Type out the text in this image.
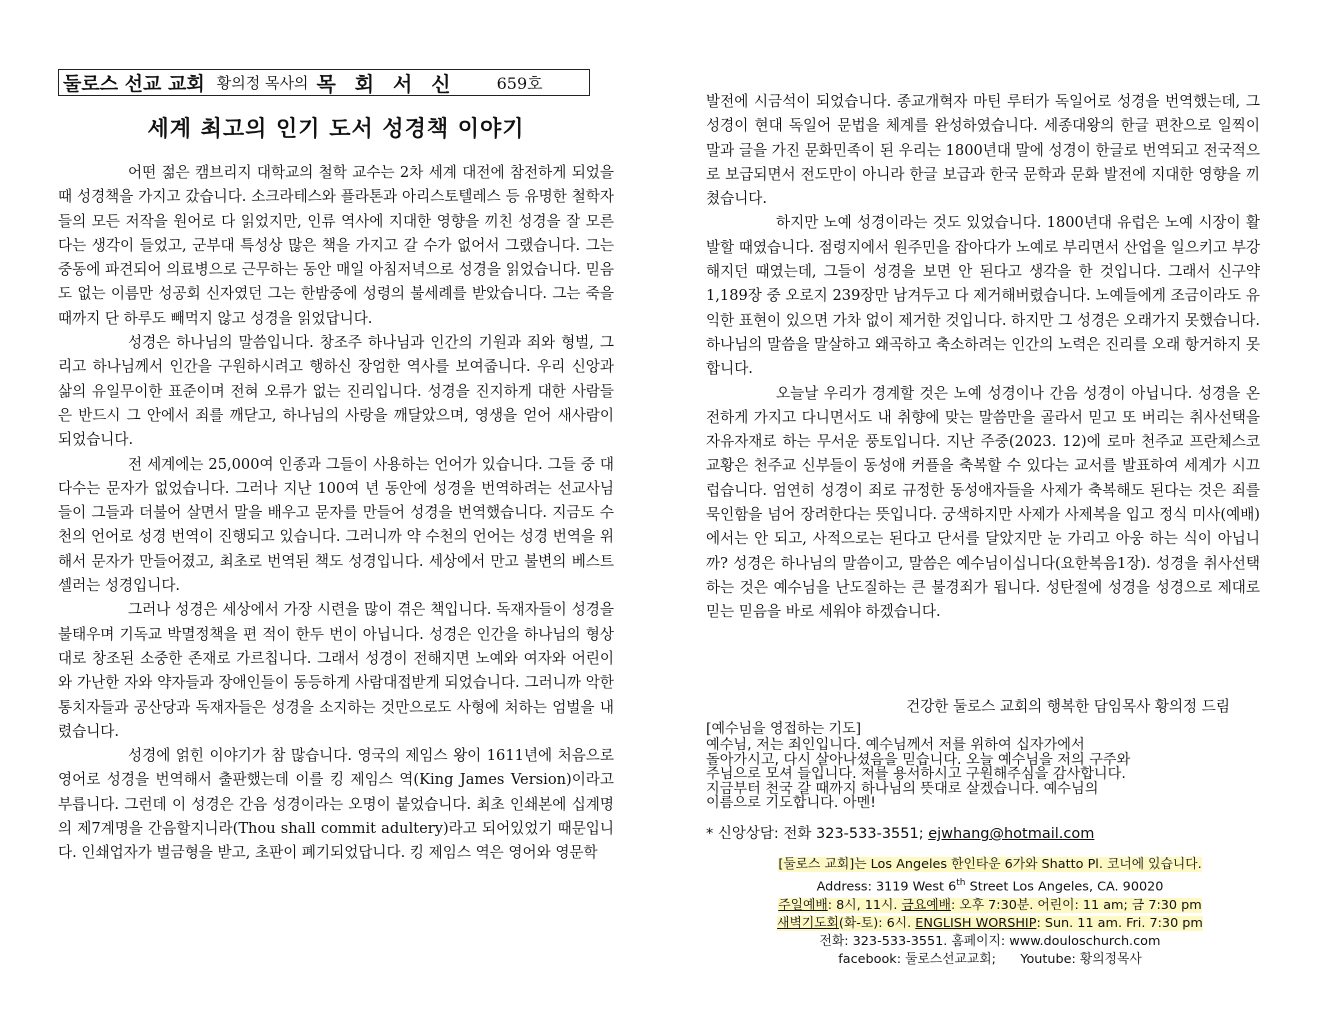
둘로스 선교 교회 황의정 목사의 목 회 서 신	659호
세계 최고의 인기 도서 성경책 이야기

어떤 젊은 캠브리지 대학교의 철학 교수는 2차 세계 대전에 참전하게 되었을 때 성경책을 가지고 갔습니다. 소크라테스와 플라톤과 아리스토텔레스 등 유명한 철학자들의 모든 저작을 원어로 다 읽었지만, 인류 역사에 지대한 영향을 끼친 성경을 잘 모른다는 생각이 들었고, 군부대 특성상 많은 책을 가지고 갈 수가 없어서 그랬습니다. 그는 중동에 파견되어 의료병으로 근무하는 동안 매일 아침저녁으로 성경을 읽었습니다. 믿음도 없는 이름만 성공회 신자였던 그는 한밤중에 성령의 불세례를 받았습니다. 그는 죽을 때까지 단 하루도 빼먹지 않고 성경을 읽었답니다.

성경은 하나님의 말씀입니다. 창조주 하나님과 인간의 기원과 죄와 형벌, 그리고 하나님께서 인간을 구원하시려고 행하신 장엄한 역사를 보여줍니다. 우리 신앙과 삶의 유일무이한 표준이며 전혀 오류가 없는 진리입니다. 성경을 진지하게 대한 사람들은 반드시 그 안에서 죄를 깨닫고, 하나님의 사랑을 깨달았으며, 영생을 얻어 새사람이 되었습니다.

전 세계에는 25,000여 인종과 그들이 사용하는 언어가 있습니다. 그들 중 대다수는 문자가 없었습니다. 그러나 지난 100여 년 동안에 성경을 번역하려는 선교사님들이 그들과 더불어 살면서 말을 배우고 문자를 만들어 성경을 번역했습니다. 지금도 수천의 언어로 성경 번역이 진행되고 있습니다. 그러니까 약 수천의 언어는 성경 번역을 위해서 문자가 만들어졌고, 최초로 번역된 책도 성경입니다. 세상에서 만고 불변의 베스트 셀러는 성경입니다.

그러나 성경은 세상에서 가장 시련을 많이 겪은 책입니다. 독재자들이 성경을 불태우며 기독교 박멸정책을 편 적이 한두 번이 아닙니다. 성경은 인간을 하나님의 형상대로 창조된 소중한 존재로 가르칩니다. 그래서 성경이 전해지면 노예와 여자와 어린이와 가난한 자와 약자들과 장애인들이 동등하게 사람대접받게 되었습니다. 그러니까 악한 통치자들과 공산당과 독재자들은 성경을 소지하는 것만으로도 사형에 처하는 엄벌을 내렸습니다.

성경에 얽힌 이야기가 참 많습니다. 영국의 제임스 왕이 1611년에 처음으로 영어로 성경을 번역해서 출판했는데 이를 킹 제임스 역(King James Version)이라고 부릅니다. 그런데 이 성경은 간음 성경이라는 오명이 붙었습니다. 최초 인쇄본에 십계명의 제7계명을 간음할지니라(Thou shall commit adultery)라고 되어있었기 때문입니다. 인쇄업자가 벌금형을 받고, 초판이 폐기되었답니다. 킹 제임스 역은 영어와 영문학

발전에 시금석이 되었습니다. 종교개혁자 마틴 루터가 독일어로 성경을 번역했는데, 그 성경이 현대 독일어 문법을 체계를 완성하였습니다. 세종대왕의 한글 편찬으로 일찍이 말과 글을 가진 문화민족이 된 우리는 1800년대 말에 성경이 한글로 번역되고 전국적으로 보급되면서 전도만이 아니라 한글 보급과 한국 문학과 문화 발전에 지대한 영향을 끼쳤습니다.

하지만 노예 성경이라는 것도 있었습니다. 1800년대 유럽은 노예 시장이 활발할 때였습니다. 점령지에서 원주민을 잡아다가 노예로 부리면서 산업을 일으키고 부강해지던 때였는데, 그들이 성경을 보면 안 된다고 생각을 한 것입니다. 그래서 신구약 1,189장 중 오로지 239장만 남겨두고 다 제거해버렸습니다. 노예들에게 조금이라도 유익한 표현이 있으면 가차 없이 제거한 것입니다. 하지만 그 성경은 오래가지 못했습니다. 하나님의 말씀을 말살하고 왜곡하고 축소하려는 인간의 노력은 진리를 오래 항거하지 못합니다.

오늘날 우리가 경계할 것은 노예 성경이나 간음 성경이 아닙니다. 성경을 온전하게 가지고 다니면서도 내 취향에 맞는 말씀만을 골라서 믿고 또 버리는 취사선택을 자유자재로 하는 무서운 풍토입니다. 지난 주중(2023. 12)에 로마 천주교 프란체스코 교황은 천주교 신부들이 동성애 커플을 축복할 수 있다는 교서를 발표하여 세계가 시끄럽습니다. 엄연히 성경이 죄로 규정한 동성애자들을 사제가 축복해도 된다는 것은 죄를 묵인함을 넘어 장려한다는 뜻입니다. 궁색하지만 사제가 사제복을 입고 정식 미사(예배)에서는 안 되고, 사적으로는 된다고 단서를 달았지만 눈 가리고 아웅 하는 식이 아닙니까? 성경은 하나님의 말씀이고, 말씀은 예수님이십니다(요한복음1장). 성경을 취사선택하는 것은 예수님을 난도질하는 큰 불경죄가 됩니다. 성탄절에 성경을 성경으로 제대로 믿는 믿음을 바로 세워야 하겠습니다.

건강한 둘로스 교회의 행복한 담임목사 황의정 드림
[예수님을 영접하는 기도]

예수님, 저는 죄인입니다. 예수님께서 저를 위하여 십자가에서
돌아가시고, 다시 살아나셨음을 믿습니다. 오늘 예수님을 저의 구주와
주님으로 모셔 들입니다. 저를 용서하시고 구원해주심을 감사합니다.
지금부터 천국 갈 때까지 하나님의 뜻대로 살겠습니다. 예수님의
이름으로 기도합니다. 아멘!

* 신앙상담: 전화 323-533-3551; ejwhang@hotmail.com
[둘로스 교회]는 Los Angeles 한인타운 6가와 Shatto Pl. 코너에 있습니다.
Address: 3119 West 6th Street Los Angeles, CA. 90020
주일예배: 8시, 11시. 금요예배: 오후 7:30분. 어린이: 11 am; 금 7:30 pm
새벽기도회(화-토): 6시. ENGLISH WORSHIP: Sun. 11 am. Fri. 7:30 pm
전화: 323-533-3551. 홈페이지: www.douloschurch.com
facebook: 둘로스선교교회;      Youtube: 황의정목사
